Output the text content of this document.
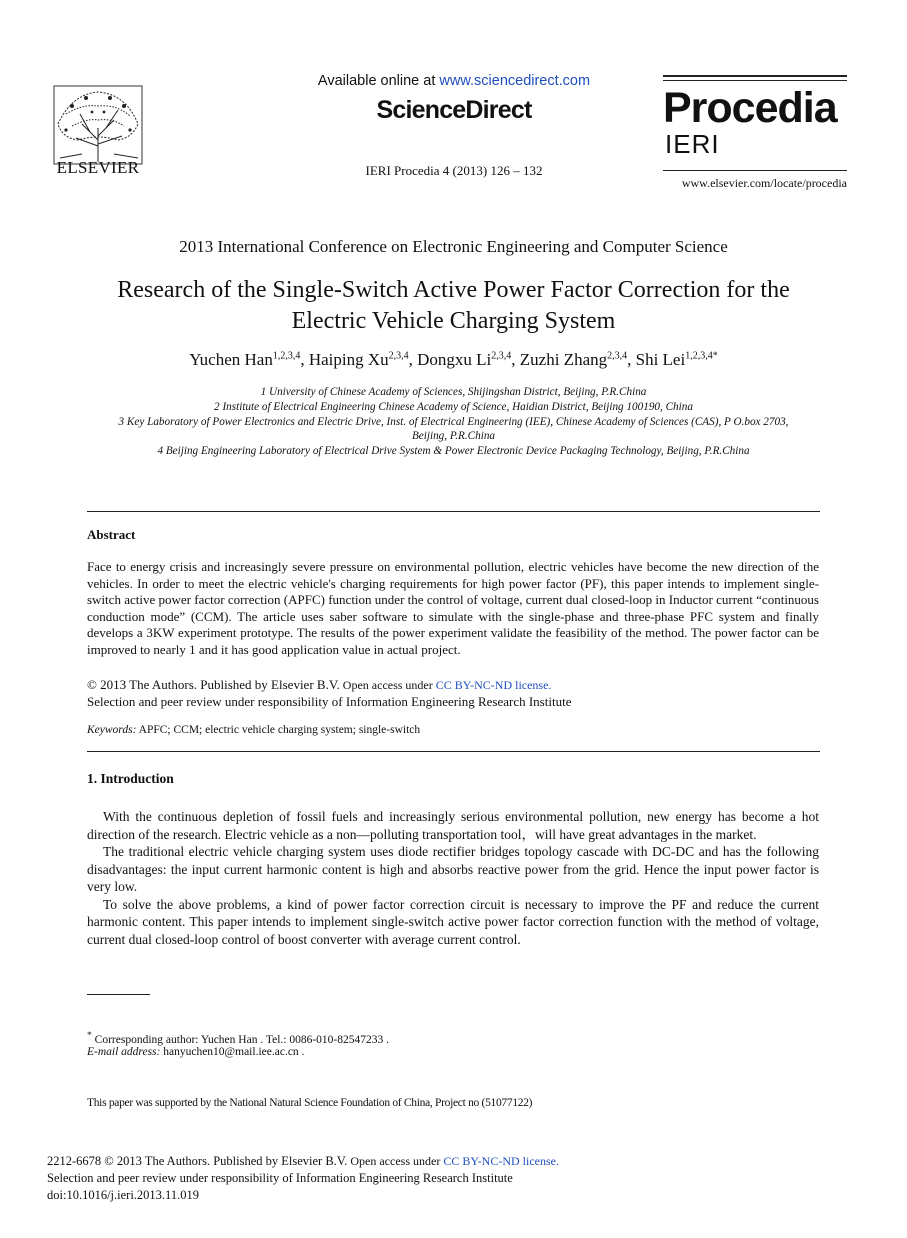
ELSEVIER
Available online at www.sciencedirect.com
ScienceDirect
IERI Procedia 4 (2013) 126 – 132
Procedia
IERI
www.elsevier.com/locate/procedia
2013 International Conference on Electronic Engineering and Computer Science
Research of the Single-Switch Active Power Factor Correction for the
Electric Vehicle Charging System
Yuchen Han$^{1,2,3,4}$, Haiping Xu$^{2,3,4}$, Dongxu Li$^{2,3,4}$, Zuzhi Zhang$^{2,3,4}$, Shi Lei$^{1,2,3,4*}$
1 University of Chinese Academy of Sciences, Shijingshan District, Beijing, P.R.China
2 Institute of Electrical Engineering Chinese Academy of Science, Haidian District, Beijing 100190, China
3 Key Laboratory of Power Electronics and Electric Drive, Inst. of Electrical Engineering (IEE), Chinese Academy of Sciences (CAS), P O.box 2703,
Beijing, P.R.China
4 Beijing Engineering Laboratory of Electrical Drive System & Power Electronic Device Packaging Technology, Beijing, P.R.China
Abstract
Face to energy crisis and increasingly severe pressure on environmental pollution, electric vehicles have become the new direction of the vehicles. In order to meet the electric vehicle's charging requirements for high power factor (PF), this paper intends to implement single-switch active power factor correction (APFC) function under the control of voltage, current dual closed-loop in Inductor current “continuous conduction mode” (CCM). The article uses saber software to simulate with the single-phase and three-phase PFC system and finally develops a 3KW experiment prototype. The results of the power experiment validate the feasibility of the method. The power factor can be improved to nearly 1 and it has good application value in actual project.
© 2013 The Authors. Published by Elsevier B.V. Open access under CC BY-NC-ND license.
Selection and peer review under responsibility of Information Engineering Research Institute
Keywords: APFC; CCM; electric vehicle charging system; single-switch
1. Introduction

With the continuous depletion of fossil fuels and increasingly serious environmental pollution, new energy has become a hot direction of the research. Electric vehicle as a non—polluting transportation tool，will have great advantages in the market.

The traditional electric vehicle charging system uses diode rectifier bridges topology cascade with DC-DC and has the following disadvantages: the input current harmonic content is high and absorbs reactive power from the grid. Hence the input power factor is very low.

To solve the above problems, a kind of power factor correction circuit is necessary to improve the PF and reduce the current harmonic content. This paper intends to implement single-switch active power factor correction function with the method of voltage, current dual closed-loop control of boost converter with average current control.

* Corresponding author: Yuchen Han . Tel.: 0086-010-82547233 .
E-mail address: hanyuchen10@mail.iee.ac.cn .
This paper was supported by the National Natural Science Foundation of China, Project no (51077122)
2212-6678 © 2013 The Authors. Published by Elsevier B.V. Open access under CC BY-NC-ND license.
Selection and peer review under responsibility of Information Engineering Research Institute
doi:10.1016/j.ieri.2013.11.019
